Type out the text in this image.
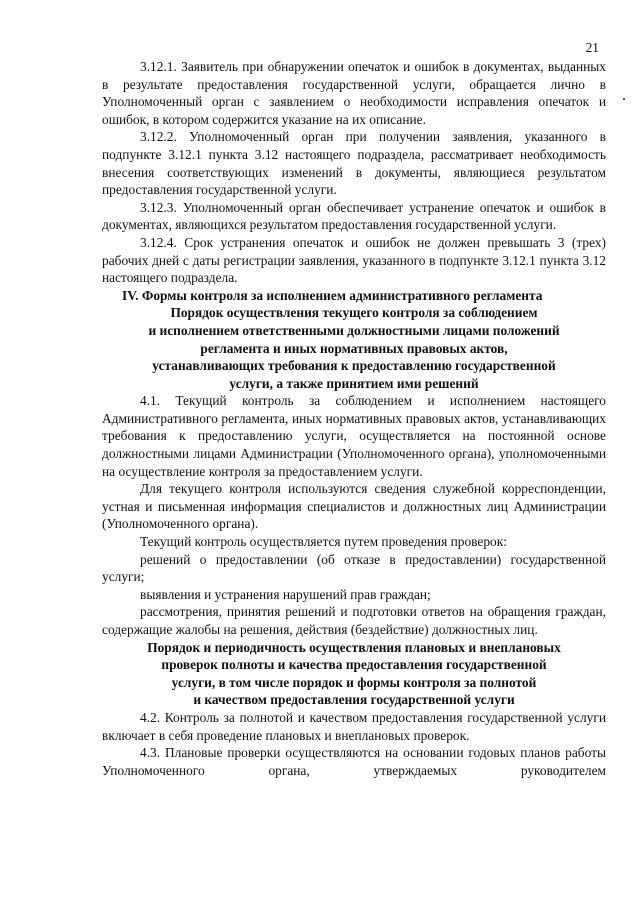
21

3.12.1. Заявитель при обнаружении опечаток и ошибок в документах, выданных в результате предоставления государственной услуги, обращается лично в Уполномоченный орган с заявлением о необходимости исправления опечаток и ошибок, в котором содержится указание на их описание.

3.12.2. Уполномоченный орган при получении заявления, указанного в подпункте 3.12.1 пункта 3.12 настоящего подраздела, рассматривает необходимость внесения соответствующих изменений в документы, являющиеся результатом предоставления государственной услуги.

3.12.3. Уполномоченный орган обеспечивает устранение опечаток и ошибок в документах, являющихся результатом предоставления государственной услуги.

3.12.4. Срок устранения опечаток и ошибок не должен превышать 3 (трех) рабочих дней с даты регистрации заявления, указанного в подпункте 3.12.1 пункта 3.12 настоящего подраздела.

IV. Формы контроля за исполнением административного регламента

Порядок осуществления текущего контроля за соблюдением
и исполнением ответственными должностными лицами положений
регламента и иных нормативных правовых актов,
устанавливающих требования к предоставлению государственной
услуги, а также принятием ими решений

4.1. Текущий контроль за соблюдением и исполнением настоящего Административного регламента, иных нормативных правовых актов, устанавливающих требования к предоставлению услуги, осуществляется на постоянной основе должностными лицами Администрации (Уполномоченного органа), уполномоченными на осуществление контроля за предоставлением услуги.

Для текущего контроля используются сведения служебной корреспонденции, устная и письменная информация специалистов и должностных лиц Администрации (Уполномоченного органа).

Текущий контроль осуществляется путем проведения проверок:

решений о предоставлении (об отказе в предоставлении) государственной услуги;

выявления и устранения нарушений прав граждан;

рассмотрения, принятия решений и подготовки ответов на обращения граждан, содержащие жалобы на решения, действия (бездействие) должностных лиц.

Порядок и периодичность осуществления плановых и внеплановых
проверок полноты и качества предоставления государственной
услуги, в том числе порядок и формы контроля за полнотой
и качеством предоставления государственной услуги

4.2. Контроль за полнотой и качеством предоставления государственной услуги включает в себя проведение плановых и внеплановых проверок.

4.3. Плановые проверки осуществляются на основании годовых планов работы Уполномоченного органа, утверждаемых руководителем
